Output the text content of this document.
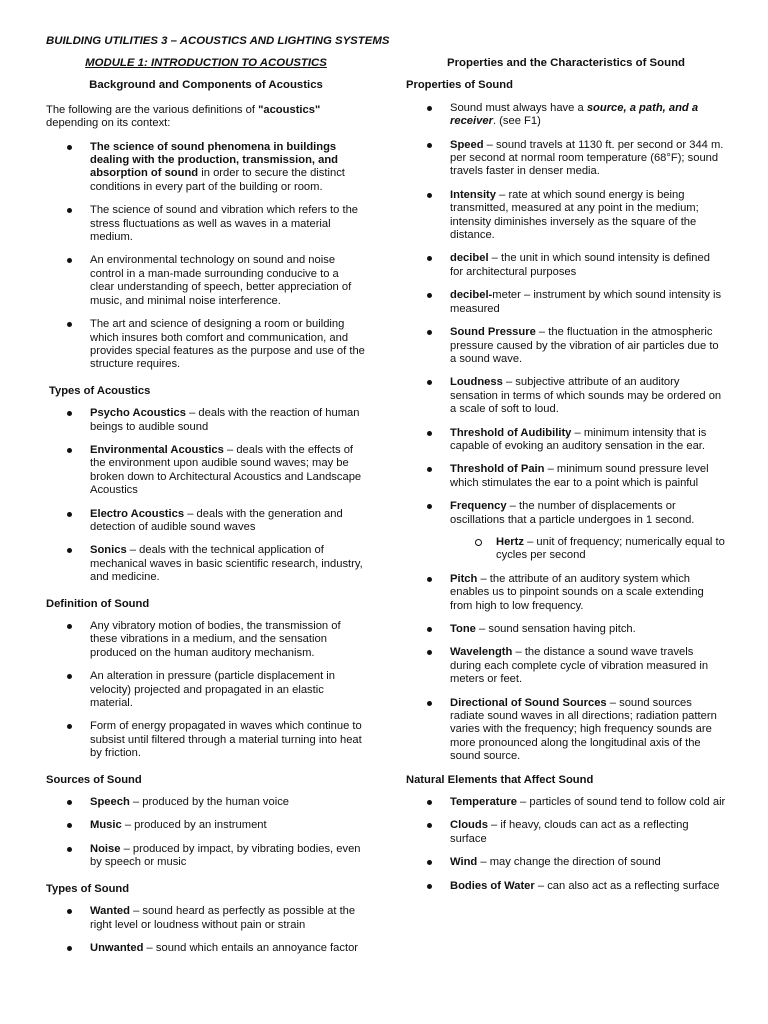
BUILDING UTILITIES 3 – ACOUSTICS AND LIGHTING SYSTEMS

MODULE 1: INTRODUCTION TO ACOUSTICS

Background and Components of Acoustics

The following are the various definitions of "acoustics" depending on its context:

The science of sound phenomena in buildings dealing with the production, transmission, and absorption of sound in order to secure the distinct conditions in every part of the building or room.
The science of sound and vibration which refers to the stress fluctuations as well as waves in a material medium.
An environmental technology on sound and noise control in a man-made surrounding conducive to a clear understanding of speech, better appreciation of music, and minimal noise interference.
The art and science of designing a room or building which insures both comfort and communication, and provides special features as the purpose and use of the structure requires.

Types of Acoustics

Psycho Acoustics – deals with the reaction of human beings to audible sound
Environmental Acoustics – deals with the effects of the environment upon audible sound waves; may be broken down to Architectural Acoustics and Landscape Acoustics
Electro Acoustics – deals with the generation and detection of audible sound waves
Sonics – deals with the technical application of mechanical waves in basic scientific research, industry, and medicine.

Definition of Sound

Any vibratory motion of bodies, the transmission of these vibrations in a medium, and the sensation produced on the human auditory mechanism.
An alteration in pressure (particle displacement in velocity) projected and propagated in an elastic material.
Form of energy propagated in waves which continue to subsist until filtered through a material turning into heat by friction.

Sources of Sound

Speech – produced by the human voice
Music – produced by an instrument
Noise – produced by impact, by vibrating bodies, even by speech or music

Types of Sound

Wanted – sound heard as perfectly as possible at the right level or loudness without pain or strain
Unwanted – sound which entails an annoyance factor

Properties and the Characteristics of Sound

Properties of Sound

Sound must always have a source, a path, and a receiver. (see F1)
Speed – sound travels at 1130 ft. per second or 344 m. per second at normal room temperature (68°F); sound travels faster in denser media.
Intensity – rate at which sound energy is being transmitted, measured at any point in the medium; intensity diminishes inversely as the square of the distance.
decibel – the unit in which sound intensity is defined for architectural purposes
decibel-meter – instrument by which sound intensity is measured
Sound Pressure – the fluctuation in the atmospheric pressure caused by the vibration of air particles due to a sound wave.
Loudness – subjective attribute of an auditory sensation in terms of which sounds may be ordered on a scale of soft to loud.
Threshold of Audibility – minimum intensity that is capable of evoking an auditory sensation in the ear.
Threshold of Pain – minimum sound pressure level which stimulates the ear to a point which is painful
Frequency – the number of displacements or oscillations that a particle undergoes in 1 second.
Hertz – unit of frequency; numerically equal to cycles per second
Pitch – the attribute of an auditory system which enables us to pinpoint sounds on a scale extending from high to low frequency.
Tone – sound sensation having pitch.
Wavelength – the distance a sound wave travels during each complete cycle of vibration measured in meters or feet.
Directional of Sound Sources – sound sources radiate sound waves in all directions; radiation pattern varies with the frequency; high frequency sounds are more pronounced along the longitudinal axis of the sound source.

Natural Elements that Affect Sound

Temperature – particles of sound tend to follow cold air
Clouds – if heavy, clouds can act as a reflecting surface
Wind – may change the direction of sound
Bodies of Water – can also act as a reflecting surface
